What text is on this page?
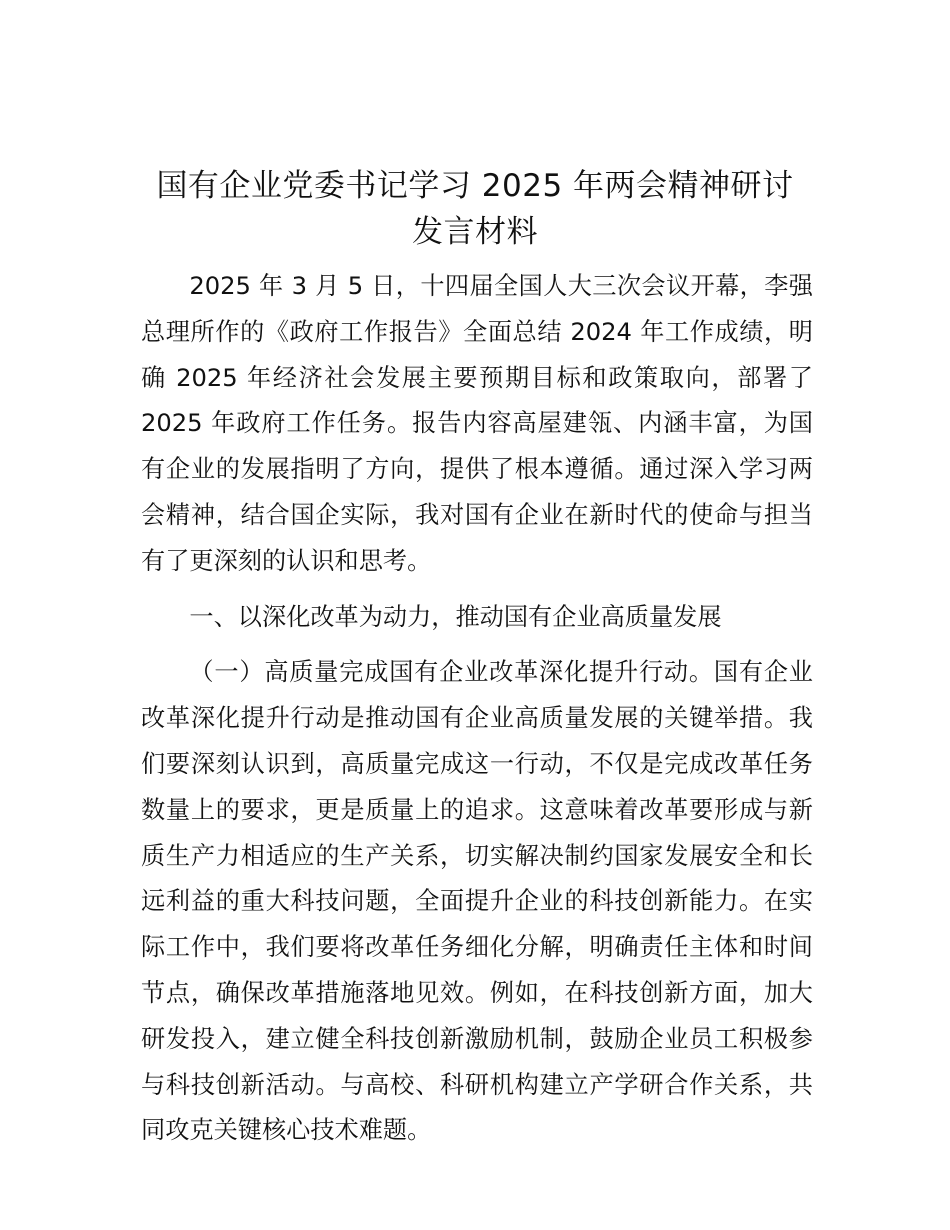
国有企业党委书记学习 2025 年两会精神研讨
发言材料

2025 年 3 月 5 日，十四届全国人大三次会议开幕，李强总理所作的《政府工作报告》全面总结 2024 年工作成绩，明确 2025 年经济社会发展主要预期目标和政策取向，部署了 2025 年政府工作任务。报告内容高屋建瓴、内涵丰富，为国有企业的发展指明了方向，提供了根本遵循。通过深入学习两会精神，结合国企实际，我对国有企业在新时代的使命与担当有了更深刻的认识和思考。

一、以深化改革为动力，推动国有企业高质量发展

（一）高质量完成国有企业改革深化提升行动。国有企业改革深化提升行动是推动国有企业高质量发展的关键举措。我们要深刻认识到，高质量完成这一行动，不仅是完成改革任务数量上的要求，更是质量上的追求。这意味着改革要形成与新质生产力相适应的生产关系，切实解决制约国家发展安全和长远利益的重大科技问题，全面提升企业的科技创新能力。在实际工作中，我们要将改革任务细化分解，明确责任主体和时间节点，确保改革措施落地见效。例如，在科技创新方面，加大研发投入，建立健全科技创新激励机制，鼓励企业员工积极参与科技创新活动。与高校、科研机构建立产学研合作关系，共同攻克关键核心技术难题。
